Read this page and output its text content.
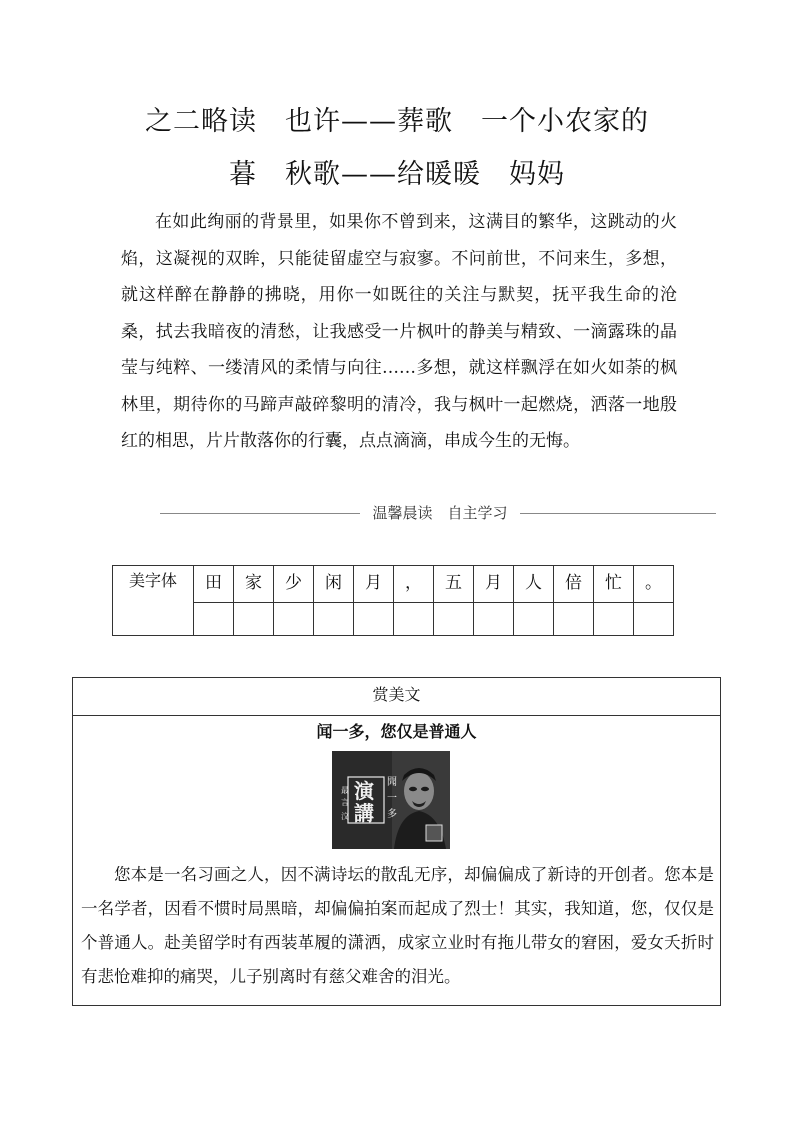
之二略读　也许——葬歌　一个小农家的
暮　秋歌——给暖暖　妈妈

在如此绚丽的背景里，如果你不曾到来，这满目的繁华，这跳动的火焰，这凝视的双眸，只能徒留虚空与寂寥。不问前世，不问来生，多想，就这样醉在静静的拂晓，用你一如既往的关注与默契，抚平我生命的沧桑，拭去我暗夜的清愁，让我感受一片枫叶的静美与精致、一滴露珠的晶莹与纯粹、一缕清风的柔情与向往……多想，就这样飘浮在如火如荼的枫林里，期待你的马蹄声敲碎黎明的清冷，我与枫叶一起燃烧，洒落一地殷红的相思，片片散落你的行囊，点点滴滴，串成今生的无悔。

温馨晨读　自主学习
美字体	田	家	少	闲	月	，	五	月	人	倍	忙	。

赏美文
闻一多，您仅是普通人
最
言
汶
演
講
聞
一
多

您本是一名习画之人，因不满诗坛的散乱无序，却偏偏成了新诗的开创者。您本是一名学者，因看不惯时局黑暗，却偏偏拍案而起成了烈士！其实，我知道，您，仅仅是个普通人。赴美留学时有西装革履的潇洒，成家立业时有拖儿带女的窘困，爱女夭折时有悲怆难抑的痛哭，儿子别离时有慈父难舍的泪光。
